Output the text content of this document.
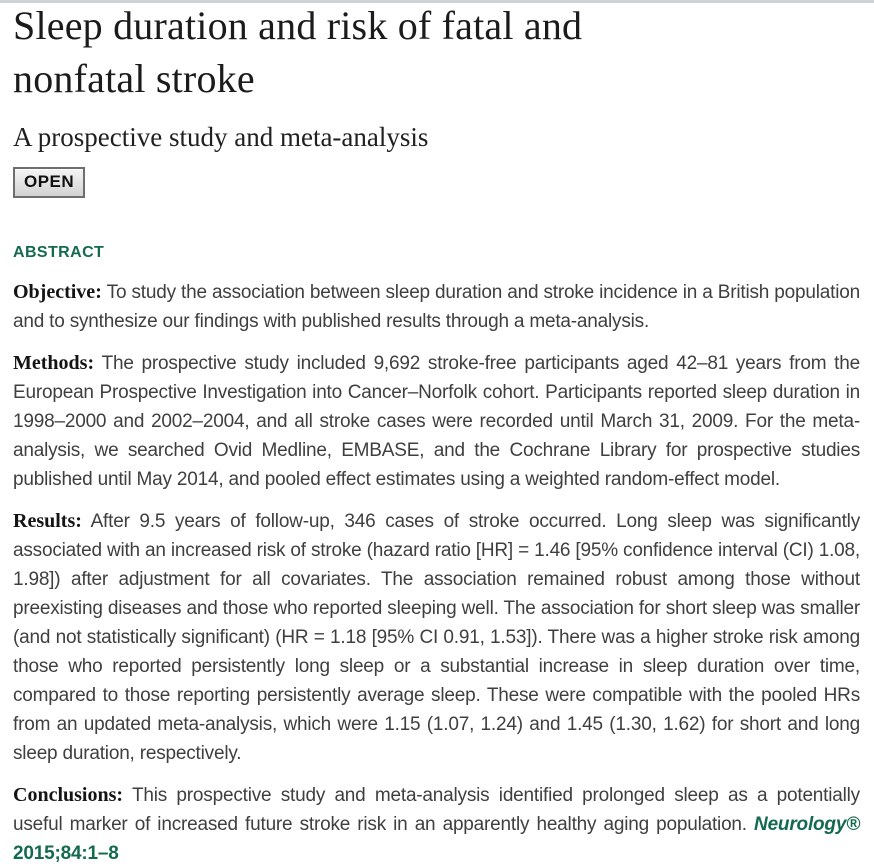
Sleep duration and risk of fatal and nonfatal stroke
A prospective study and meta-analysis
OPEN
ABSTRACT

Objective: To study the association between sleep duration and stroke incidence in a British population and to synthesize our findings with published results through a meta-analysis.

Methods: The prospective study included 9,692 stroke-free participants aged 42–81 years from the European Prospective Investigation into Cancer–Norfolk cohort. Participants reported sleep duration in 1998–2000 and 2002–2004, and all stroke cases were recorded until March 31, 2009. For the meta-analysis, we searched Ovid Medline, EMBASE, and the Cochrane Library for prospective studies published until May 2014, and pooled effect estimates using a weighted random-effect model.

Results: After 9.5 years of follow-up, 346 cases of stroke occurred. Long sleep was significantly associated with an increased risk of stroke (hazard ratio [HR] = 1.46 [95% confidence interval (CI) 1.08, 1.98]) after adjustment for all covariates. The association remained robust among those without preexisting diseases and those who reported sleeping well. The association for short sleep was smaller (and not statistically significant) (HR = 1.18 [95% CI 0.91, 1.53]). There was a higher stroke risk among those who reported persistently long sleep or a substantial increase in sleep duration over time, compared to those reporting persistently average sleep. These were compatible with the pooled HRs from an updated meta-analysis, which were 1.15 (1.07, 1.24) and 1.45 (1.30, 1.62) for short and long sleep duration, respectively.

Conclusions: This prospective study and meta-analysis identified prolonged sleep as a potentially useful marker of increased future stroke risk in an apparently healthy aging population. Neurology® 2015;84:1–8
